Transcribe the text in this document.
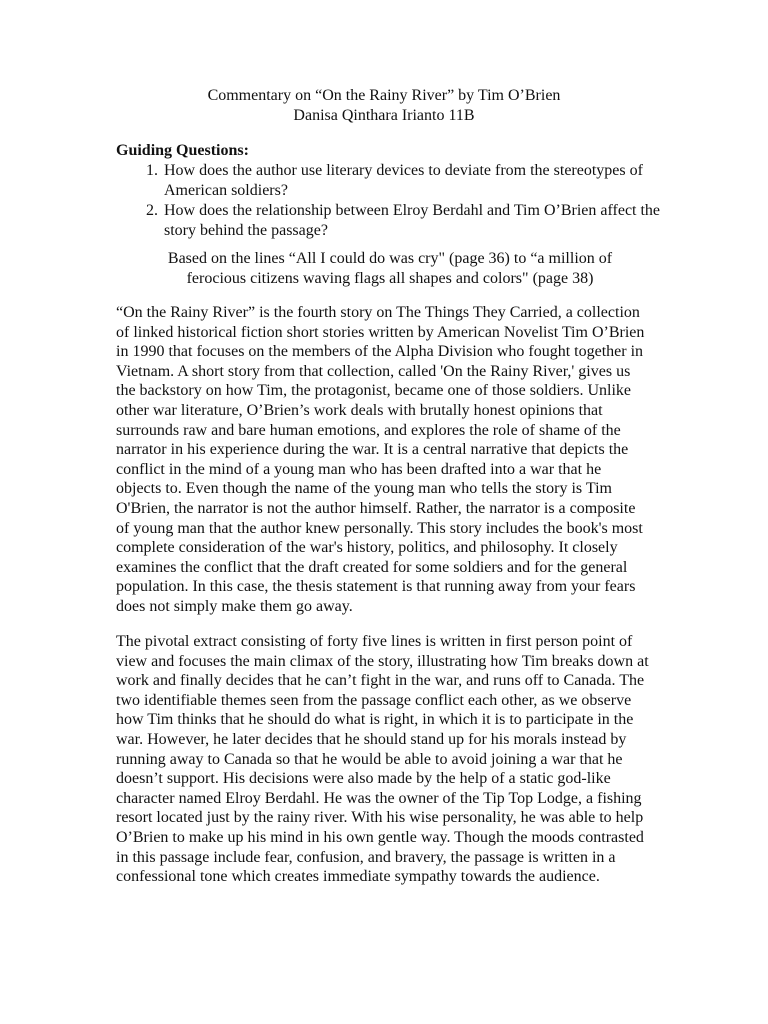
Commentary on “On the Rainy River” by Tim O’Brien
Danisa Qinthara Irianto 11B
Guiding Questions:
1. How does the author use literary devices to deviate from the stereotypes of American soldiers?
2. How does the relationship between Elroy Berdahl and Tim O’Brien affect the story behind the passage?
Based on the lines “All I could do was cry" (page 36) to “a million of
ferocious citizens waving flags all shapes and colors" (page 38)

“On the Rainy River” is the fourth story on The Things They Carried, a collection of linked historical fiction short stories written by American Novelist Tim O’Brien in 1990 that focuses on the members of the Alpha Division who fought together in Vietnam. A short story from that collection, called 'On the Rainy River,' gives us the backstory on how Tim, the protagonist, became one of those soldiers. Unlike other war literature, O’Brien’s work deals with brutally honest opinions that surrounds raw and bare human emotions, and explores the role of shame of the narrator in his experience during the war. It is a central narrative that depicts the conflict in the mind of a young man who has been drafted into a war that he objects to. Even though the name of the young man who tells the story is Tim O'Brien, the narrator is not the author himself. Rather, the narrator is a composite of young man that the author knew personally. This story includes the book's most complete consideration of the war's history, politics, and philosophy. It closely examines the conflict that the draft created for some soldiers and for the general population. In this case, the thesis statement is that running away from your fears does not simply make them go away.

The pivotal extract consisting of forty five lines is written in first person point of view and focuses the main climax of the story, illustrating how Tim breaks down at work and finally decides that he can’t fight in the war, and runs off to Canada. The two identifiable themes seen from the passage conflict each other, as we observe how Tim thinks that he should do what is right, in which it is to participate in the war. However, he later decides that he should stand up for his morals instead by running away to Canada so that he would be able to avoid joining a war that he doesn’t support. His decisions were also made by the help of a static god-like character named Elroy Berdahl. He was the owner of the Tip Top Lodge, a fishing resort located just by the rainy river. With his wise personality, he was able to help O’Brien to make up his mind in his own gentle way. Though the moods contrasted in this passage include fear, confusion, and bravery, the passage is written in a confessional tone which creates immediate sympathy towards the audience.
